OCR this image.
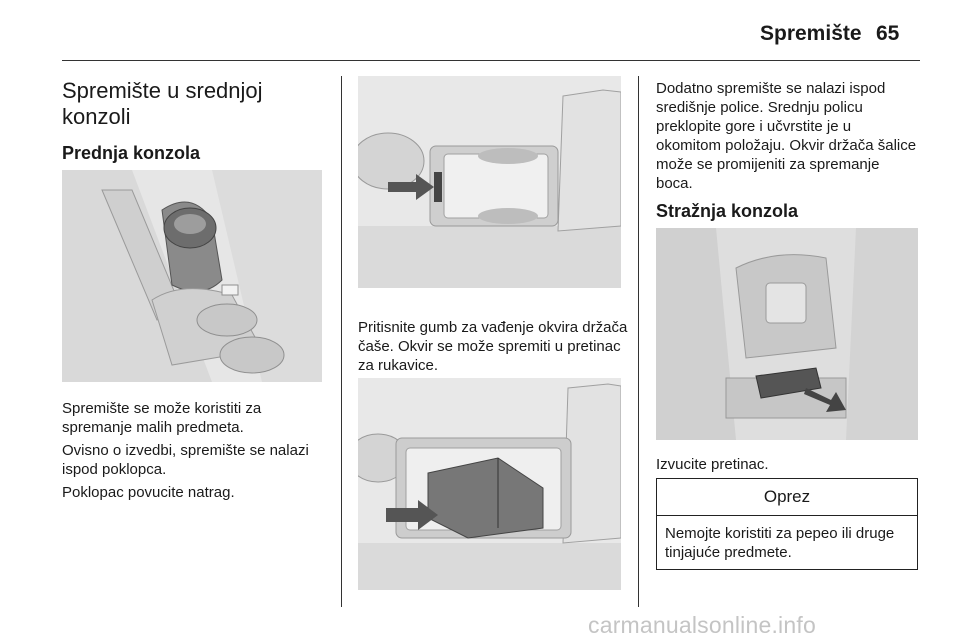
Spremište 65
Spremište u srednjoj konzoli
Prednja konzola
Spremište se može koristiti za spremanje malih predmeta.
Ovisno o izvedbi, spremište se nalazi ispod poklopca.
Poklopac povucite natrag.
Pritisnite gumb za vađenje okvira držača čaše. Okvir se može spremiti u pretinac za rukavice.
Dodatno spremište se nalazi ispod središnje police. Srednju policu preklopite gore i učvrstite je u okomitom položaju. Okvir držača šalice može se promijeniti za spremanje boca.
Stražnja konzola
Izvucite pretinac.
Oprez
Nemojte koristiti za pepeo ili druge tinjajuće predmete.
carmanualsonline.info
